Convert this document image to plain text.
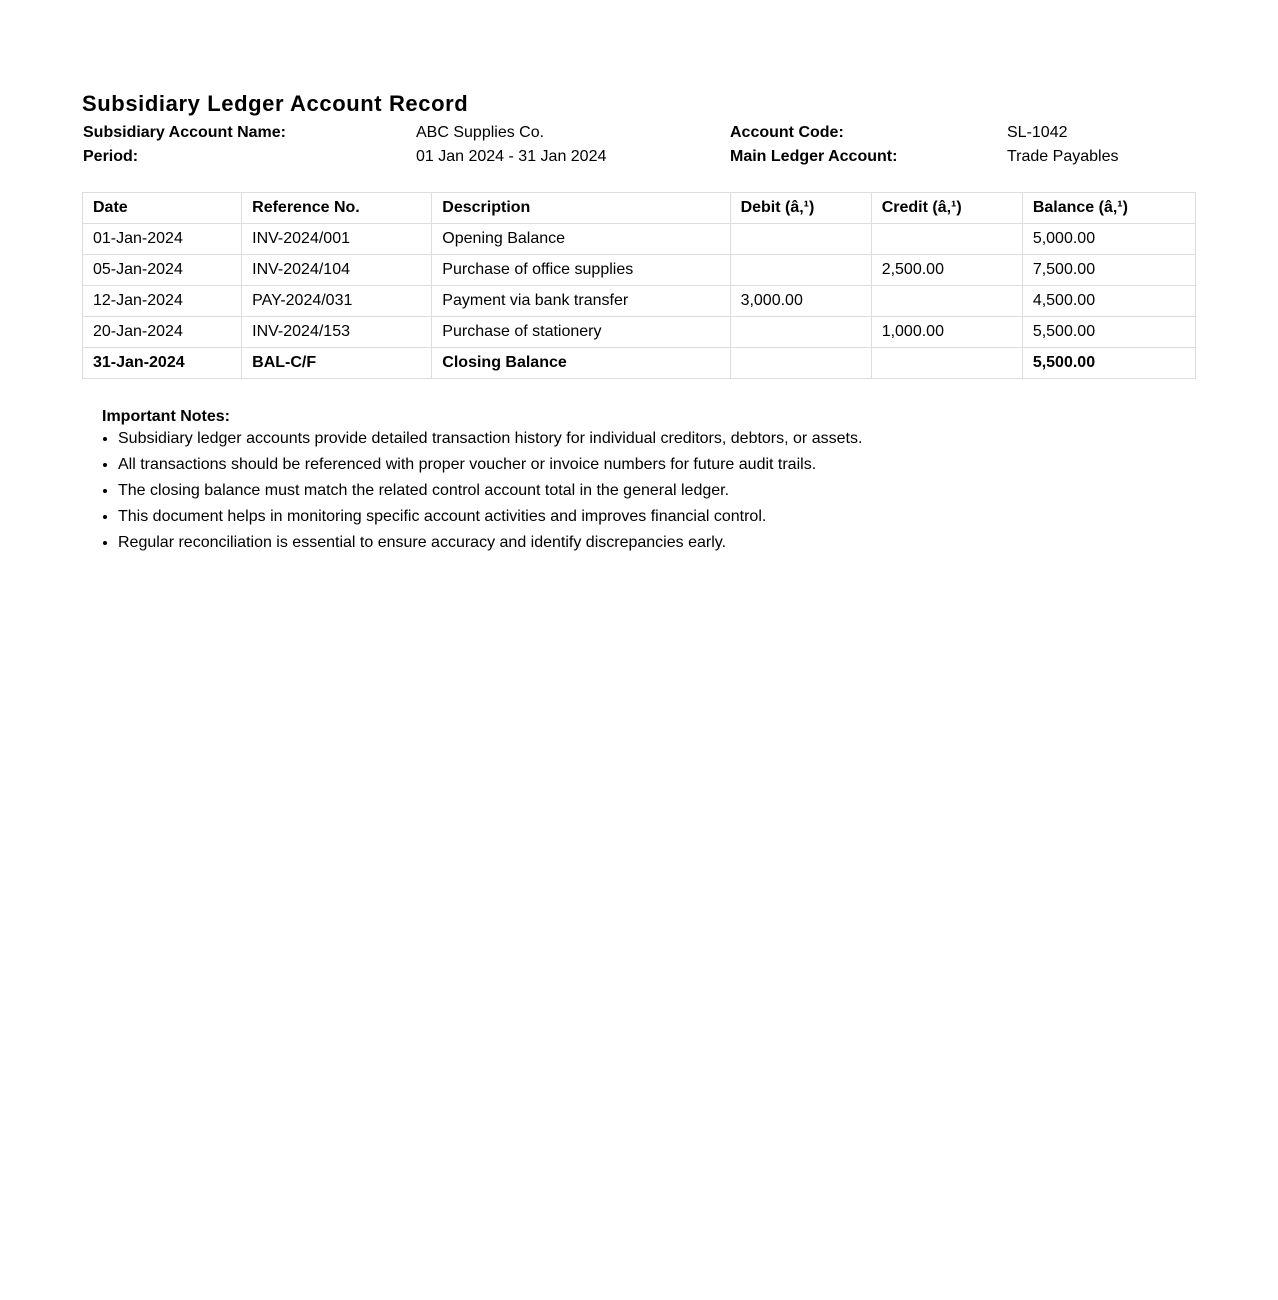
Subsidiary Ledger Account Record
Subsidiary Account Name:	ABC Supplies Co.	Account Code:	SL-1042
Period:	01 Jan 2024 - 31 Jan 2024	Main Ledger Account:	Trade Payables
Date	Reference No.	Description	Debit (â‚¹)	Credit (â‚¹)	Balance (â‚¹)
01-Jan-2024	INV-2024/001	Opening Balance			5,000.00
05-Jan-2024	INV-2024/104	Purchase of office supplies		2,500.00	7,500.00
12-Jan-2024	PAY-2024/031	Payment via bank transfer	3,000.00		4,500.00
20-Jan-2024	INV-2024/153	Purchase of stationery		1,000.00	5,500.00
31-Jan-2024	BAL-C/F	Closing Balance			5,500.00
Important Notes:
• Subsidiary ledger accounts provide detailed transaction history for individual creditors, debtors, or assets.
• All transactions should be referenced with proper voucher or invoice numbers for future audit trails.
• The closing balance must match the related control account total in the general ledger.
• This document helps in monitoring specific account activities and improves financial control.
• Regular reconciliation is essential to ensure accuracy and identify discrepancies early.
